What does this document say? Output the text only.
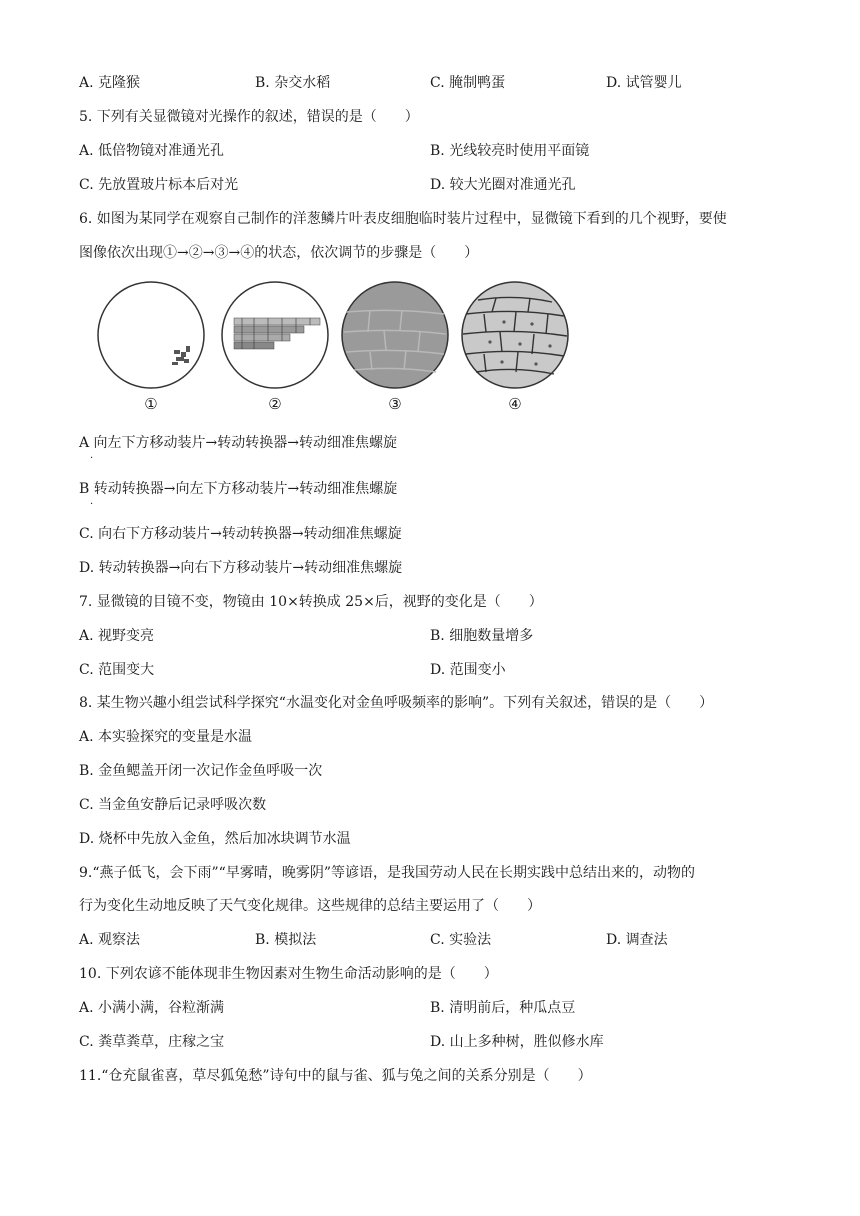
A. 克隆猴	B. 杂交水稻	C. 腌制鸭蛋	D. 试管婴儿
5. 下列有关显微镜对光操作的叙述，错误的是（　　）
A. 低倍物镜对准通光孔	B. 光线较亮时使用平面镜
C. 先放置玻片标本后对光	D. 较大光圈对准通光孔
6. 如图为某同学在观察自己制作的洋葱鳞片叶表皮细胞临时装片过程中，显微镜下看到的几个视野，要使
图像依次出现①→②→③→④的状态，依次调节的步骤是（　　）
①	②	③	④
A 向左下方移动装片→转动转换器→转动细准焦螺旋
·
B 转动转换器→向左下方移动装片→转动细准焦螺旋
·
C. 向右下方移动装片→转动转换器→转动细准焦螺旋
D. 转动转换器→向右下方移动装片→转动细准焦螺旋
7. 显微镜的目镜不变，物镜由 10×转换成 25×后，视野的变化是（　　）
A. 视野变亮	B. 细胞数量增多
C. 范围变大	D. 范围变小
8. 某生物兴趣小组尝试科学探究“水温变化对金鱼呼吸频率的影响”。下列有关叙述，错误的是（　　）
A. 本实验探究的变量是水温
B. 金鱼鳃盖开闭一次记作金鱼呼吸一次
C. 当金鱼安静后记录呼吸次数
D. 烧杯中先放入金鱼，然后加冰块调节水温
9.“燕子低飞，会下雨”“早雾晴，晚雾阴”等谚语，是我国劳动人民在长期实践中总结出来的，动物的
行为变化生动地反映了天气变化规律。这些规律的总结主要运用了（　　）
A. 观察法	B. 模拟法	C. 实验法	D. 调查法
10. 下列农谚不能体现非生物因素对生物生命活动影响的是（　　）
A. 小满小满，谷粒渐满	B. 清明前后，种瓜点豆
C. 粪草粪草，庄稼之宝	D. 山上多种树，胜似修水库
11.“仓充鼠雀喜，草尽狐兔愁”诗句中的鼠与雀、狐与兔之间的关系分别是（　　）
